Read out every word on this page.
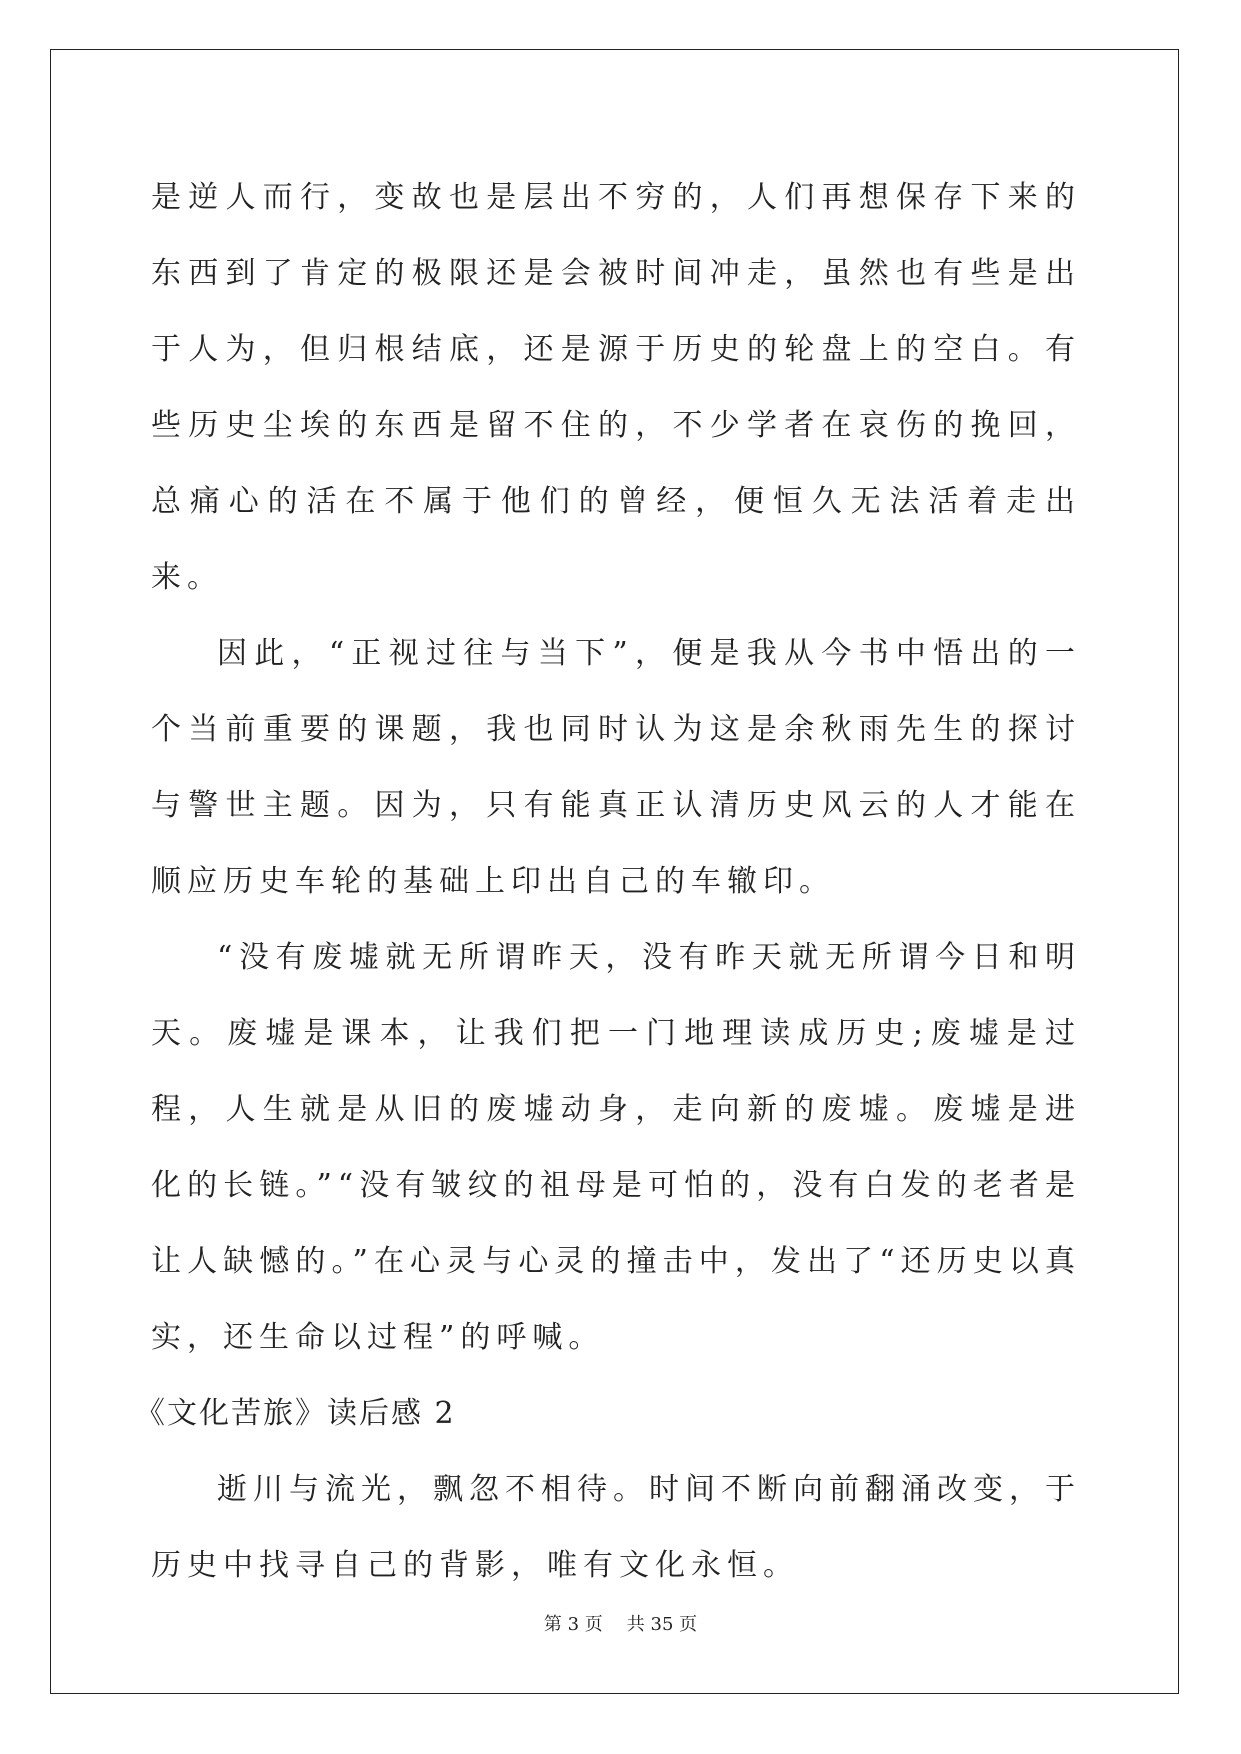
是逆人而行，变故也是层出不穷的，人们再想保存下来的东西到了肯定的极限还是会被时间冲走，虽然也有些是出于人为，但归根结底，还是源于历史的轮盘上的空白。有些历史尘埃的东西是留不住的，不少学者在哀伤的挽回，总痛心的活在不属于他们的曾经，便恒久无法活着走出来。

因此，“正视过往与当下”，便是我从今书中悟出的一个当前重要的课题，我也同时认为这是余秋雨先生的探讨与警世主题。因为，只有能真正认清历史风云的人才能在顺应历史车轮的基础上印出自己的车辙印。

“没有废墟就无所谓昨天，没有昨天就无所谓今日和明天。废墟是课本，让我们把一门地理读成历史;废墟是过程，人生就是从旧的废墟动身，走向新的废墟。废墟是进化的长链。”“没有皱纹的祖母是可怕的，没有白发的老者是让人缺憾的。”在心灵与心灵的撞击中，发出了“还历史以真实，还生命以过程”的呼喊。

《文化苦旅》读后感 2

逝川与流光，飘忽不相待。时间不断向前翻涌改变，于历史中找寻自己的背影，唯有文化永恒。

第 3 页 共 35 页
